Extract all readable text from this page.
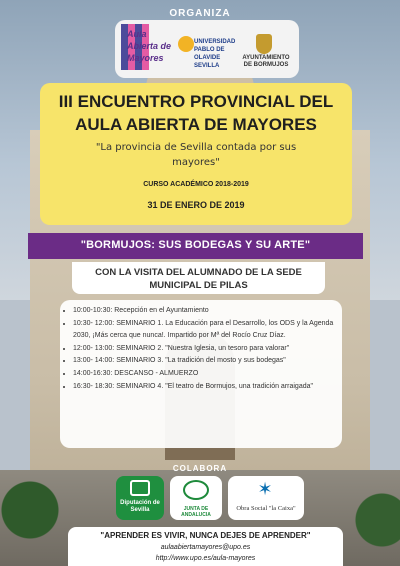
ORGANIZA
Aula Abierta de Mayores
UNIVERSIDAD PABLO DE OLAVIDE SEVILLA
AYUNTAMIENTO DE BORMUJOS
III ENCUENTRO PROVINCIAL DEL AULA ABIERTA DE MAYORES
"La provincia de Sevilla contada por sus mayores"
CURSO ACADÉMICO 2018-2019
31 DE ENERO DE 2019
"BORMUJOS: SUS BODEGAS Y SU ARTE"
CON LA VISITA DEL ALUMNADO DE LA SEDE MUNICIPAL DE PILAS
• 10:00-10:30: Recepción en el Ayuntamiento
• 10:30- 12:00: SEMINARIO 1. La Educación para el Desarrollo, los ODS y la Agenda 2030, ¡Más cerca que nunca!. Impartido por Mª del Rocío Cruz Díaz.
• 12:00- 13:00: SEMINARIO 2. "Nuestra Iglesia, un tesoro para valorar"
• 13:00- 14:00: SEMINARIO 3. "La tradición del mosto y sus bodegas"
• 14:00-16:30: DESCANSO - ALMUERZO
• 16:30- 18:30: SEMINARIO 4. "El teatro de Bormujos, una tradición arraigada"
COLABORA
Diputación de Sevilla	JUNTA DE ANDALUCIA
✶
Obra Social "la Caixa"
"APRENDER ES VIVIR, NUNCA DEJES DE APRENDER"
aulaabiertamayores@upo.es
http://www.upo.es/aula-mayores
